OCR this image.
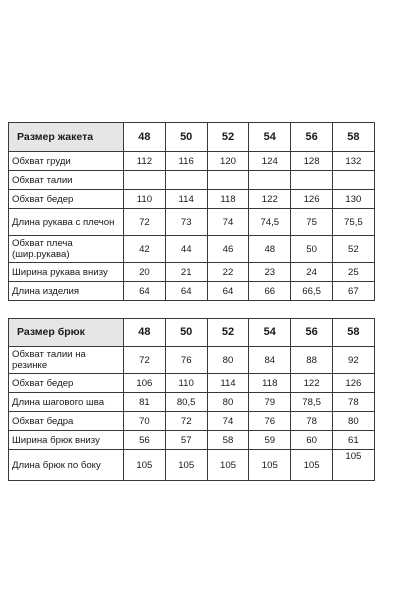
Размер жакета	48	50	52	54	56	58
Обхват груди	112	116	120	124	128	132
Обхват талии						
Обхват бедер	110	114	118	122	126	130
Длина рукава с плечон	72	73	74	74,5	75	75,5
Обхват плеча (шир.рукава)	42	44	46	48	50	52
Ширина рукава внизу	20	21	22	23	24	25
Длина изделия	64	64	64	66	66,5	67
Размер брюк	48	50	52	54	56	58
Обхват талии на резинке	72	76	80	84	88	92
Обхват бедер	106	110	114	118	122	126
Длина шагового шва	81	80,5	80	79	78,5	78
Обхват бедра	70	72	74	76	78	80
Ширина брюк внизу	56	57	58	59	60	61
Длина брюк по боку	105	105	105	105	105	105
